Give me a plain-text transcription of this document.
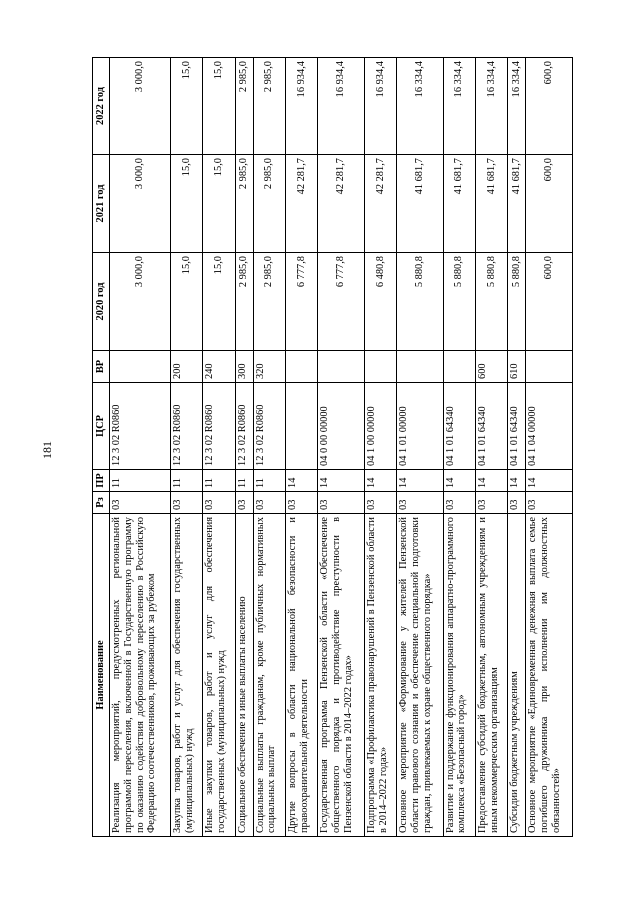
181
Наименование	Рз	ПР	ЦСР	ВР	2020 год	2021 год	2022 год
Реализация мероприятий, предусмотренных региональной программой переселения, включенной в Государственную программу по оказанию содействия добровольному переселению в Российскую Федерацию соотечественников, проживающих за рубежом	03	11	12 3 02 R0860		3 000,0	3 000,0	3 000,0
Закупка товаров, работ и услуг для обеспечения государственных (муниципальных) нужд	03	11	12 3 02 R0860	200	15,0	15,0	15,0
Иные закупки товаров, работ и услуг для обеспечения государственных (муниципальных) нужд	03	11	12 3 02 R0860	240	15,0	15,0	15,0
Социальное обеспечение и иные выплаты населению	03	11	12 3 02 R0860	300	2 985,0	2 985,0	2 985,0
Социальные выплаты гражданам, кроме публичных нормативных социальных выплат	03	11	12 3 02 R0860	320	2 985,0	2 985,0	2 985,0
Другие вопросы в области национальной безопасности и правоохранительной деятельности	03	14			6 777,8	42 281,7	16 934,4
Государственная программа Пензенской области «Обеспечение общественного порядка и противодействие преступности в Пензенской области в 2014–2022 годах»	03	14	04 0 00 00000		6 777,8	42 281,7	16 934,4
Подпрограмма «Профилактика правонарушений в Пензенской области в 2014–2022 годах»	03	14	04 1 00 00000		6 480,8	42 281,7	16 934,4
Основное мероприятие «Формирование у жителей Пензенской области правового сознания и обеспечение специальной подготовки граждан, привлекаемых к охране общественного порядка»	03	14	04 1 01 00000		5 880,8	41 681,7	16 334,4
Развитие и поддержание функционирования аппаратно-программного комплекса «Безопасный город»	03	14	04 1 01 64340		5 880,8	41 681,7	16 334,4
Предоставление субсидий бюджетным, автономным учреждениям и иным некоммерческим организациям	03	14	04 1 01 64340	600	5 880,8	41 681,7	16 334,4
Субсидии бюджетным учреждениям	03	14	04 1 01 64340	610	5 880,8	41 681,7	16 334,4
Основное мероприятие «Единовременная денежная выплата семье погибшего дружинника при исполнении им должностных обязанностей»	03	14	04 1 04 00000		600,0	600,0	600,0
